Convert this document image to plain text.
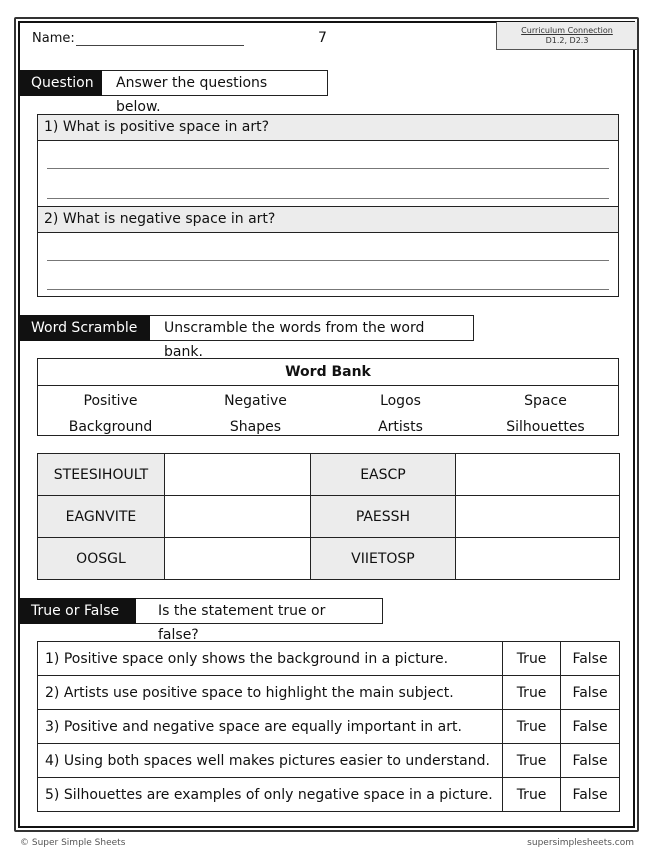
Name:	7	Curriculum Connection
D1.2, D2.3
Question	Answer the questions below.
1) What is positive space in art?
2) What is negative space in art?
Word Scramble	Unscramble the words from the word bank.
Word Bank
Positive	Negative	Logos	Space
Background	Shapes	Artists	Silhouettes
STEESIHOULT		EASCP	
EAGNVITE		PAESSH	
OOSGL		VIIETOSP	
True or False	Is the statement true or false?
1) Positive space only shows the background in a picture.	True	False
2) Artists use positive space to highlight the main subject.	True	False
3) Positive and negative space are equally important in art.	True	False
4) Using both spaces well makes pictures easier to understand.	True	False
5) Silhouettes are examples of only negative space in a picture.	True	False
© Super Simple Sheets	supersimplesheets.com
